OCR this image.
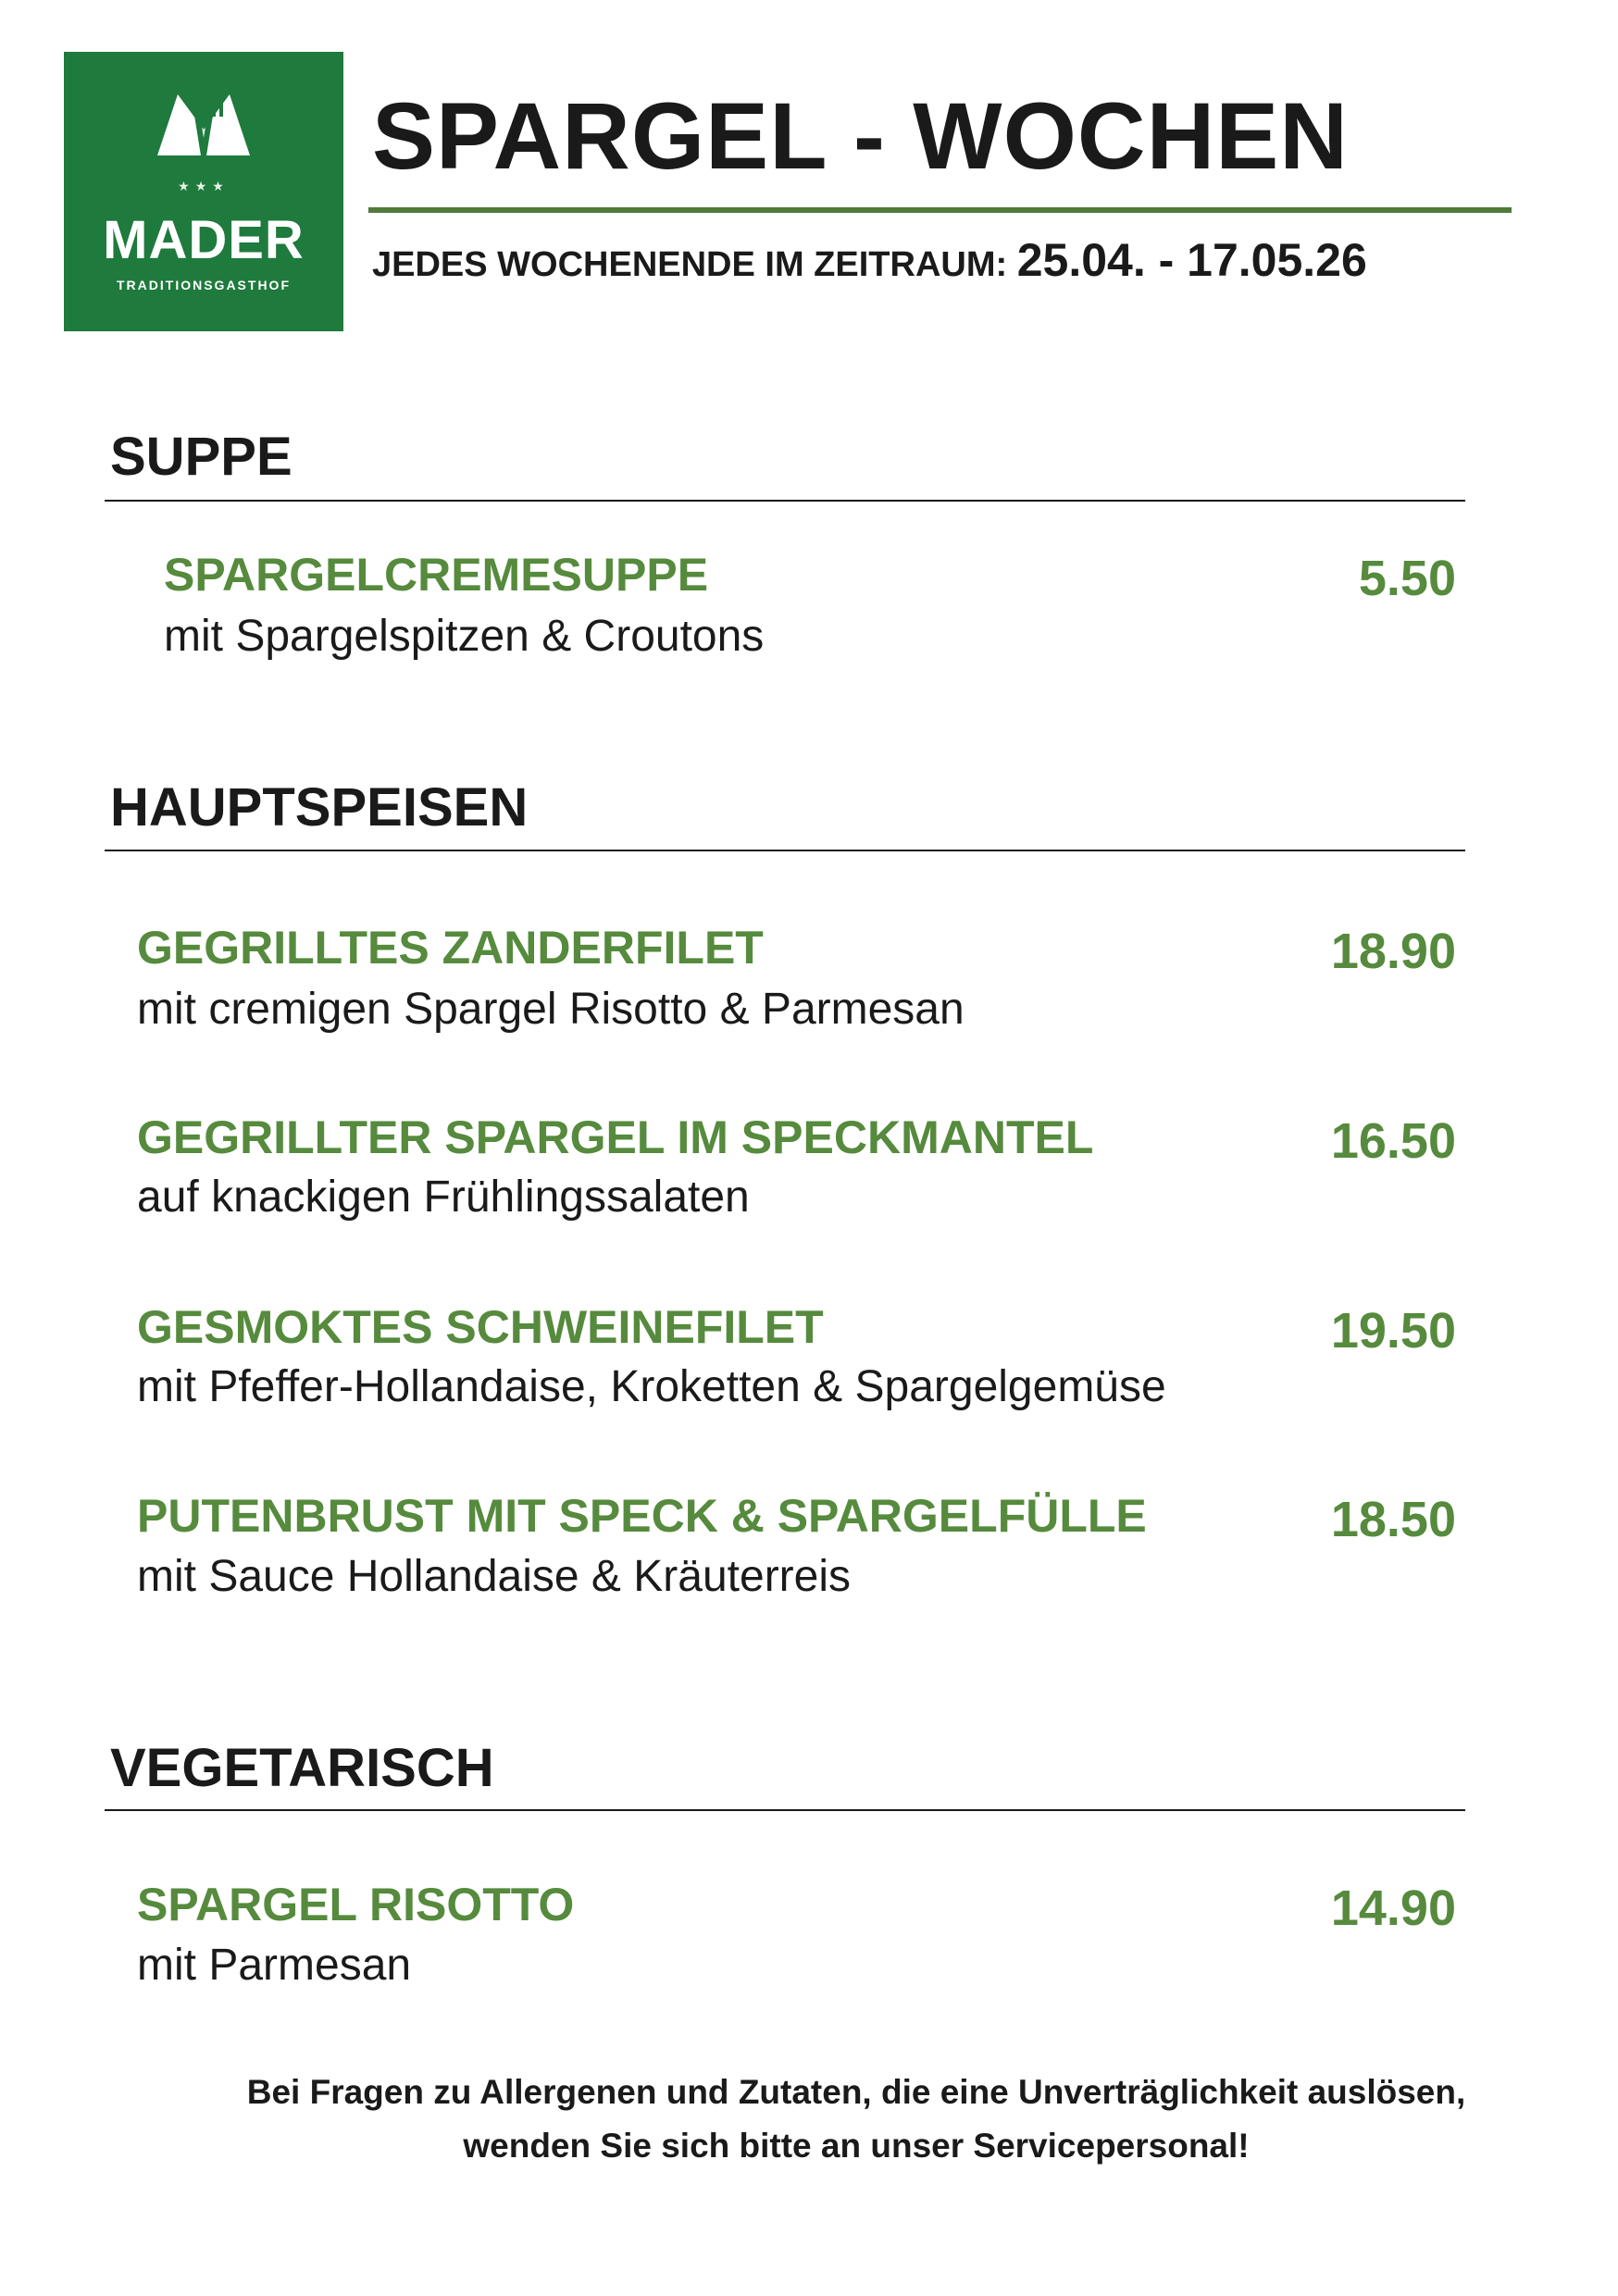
★★★
MADER
TRADITIONSGASTHOF
SPARGEL - WOCHEN
JEDES WOCHENENDE IM ZEITRAUM: 25.04. - 17.05.26
SUPPE
SPARGELCREMESUPPE	5.50
mit Spargelspitzen & Croutons
HAUPTSPEISEN
GEGRILLTES ZANDERFILET	18.90
mit cremigen Spargel Risotto & Parmesan
GEGRILLTER SPARGEL IM SPECKMANTEL	16.50
auf knackigen Frühlingssalaten
GESMOKTES SCHWEINEFILET	19.50
mit Pfeffer-Hollandaise, Kroketten & Spargelgemüse
PUTENBRUST MIT SPECK & SPARGELFÜLLE	18.50
mit Sauce Hollandaise & Kräuterreis
VEGETARISCH
SPARGEL RISOTTO	14.90
mit Parmesan
Bei Fragen zu Allergenen und Zutaten, die eine Unverträglichkeit auslösen,
wenden Sie sich bitte an unser Servicepersonal!
